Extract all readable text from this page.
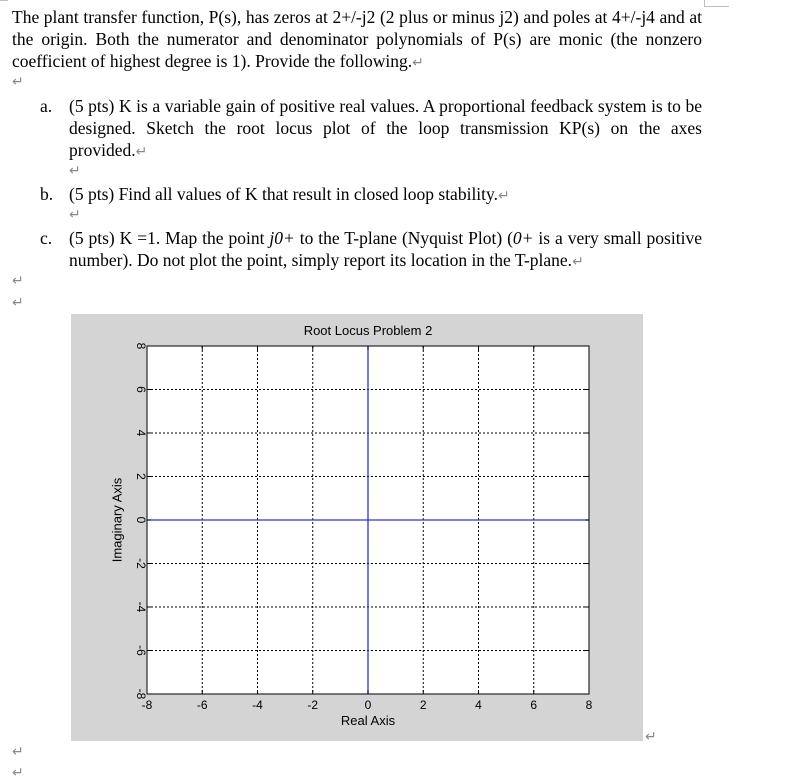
The plant transfer function, P(s), has zeros at 2+/-j2 (2 plus or minus j2) and poles at 4+/-j4 and at the origin. Both the numerator and denominator polynomials of P(s) are monic (the nonzero coefficient of highest degree is 1). Provide the following.↵
↵
a. (5 pts) K is a variable gain of positive real values. A proportional feedback system is to be designed. Sketch the root locus plot of the loop transmission KP(s) on the axes provided.↵
↵
b. (5 pts) Find all values of K that result in closed loop stability.↵
↵
c. (5 pts) K =1. Map the point j0+ to the T-plane (Nyquist Plot) (0+ is a very small positive number). Do not plot the point, simply report its location in the T-plane.↵
↵
↵
-8	-6	-4	-2	0	2	4	6	8
-8
-6
-4
-2
0
2
4
6
8
Root Locus Problem 2
Real Axis
Imaginary Axis
↵
↵
↵
